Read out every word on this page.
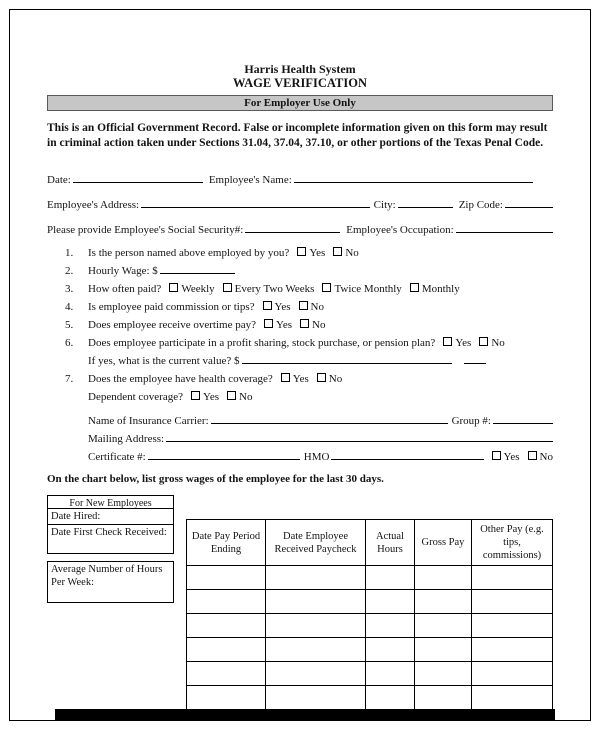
Harris Health System
WAGE VERIFICATION
For Employer Use Only

This is an Official Government Record. False or incomplete information given on this form may result in criminal action taken under Sections 31.04, 37.04, 37.10, or other portions of the Texas Penal Code.

Date:	Employee's Name:
Employee's Address:	City:	Zip Code:
Please provide Employee's Social Security#:	Employee's Occupation:
1.	Is the person named above employed by you? Yes No
2.	Hourly Wage: $
3.	How often paid? Weekly Every Two Weeks Twice Monthly Monthly
4.	Is employee paid commission or tips? Yes No
5.	Does employee receive overtime pay? Yes No
6.	Does employee participate in a profit sharing, stock purchase, or pension plan? Yes No
If yes, what is the current value? $
7.	Does the employee have health coverage? Yes No
Dependent coverage? Yes No
Name of Insurance Carrier:	Group #:
Mailing Address:
Certificate #:	HMO	Yes No
On the chart below, list gross wages of the employee for the last 30 days.
For New Employees
Date Hired:
Date First Check Received:
Average Number of Hours Per Week:
Date Pay Period Ending	Date Employee Received Paycheck	Actual Hours	Gross Pay	Other Pay (e.g. tips, commissions)
